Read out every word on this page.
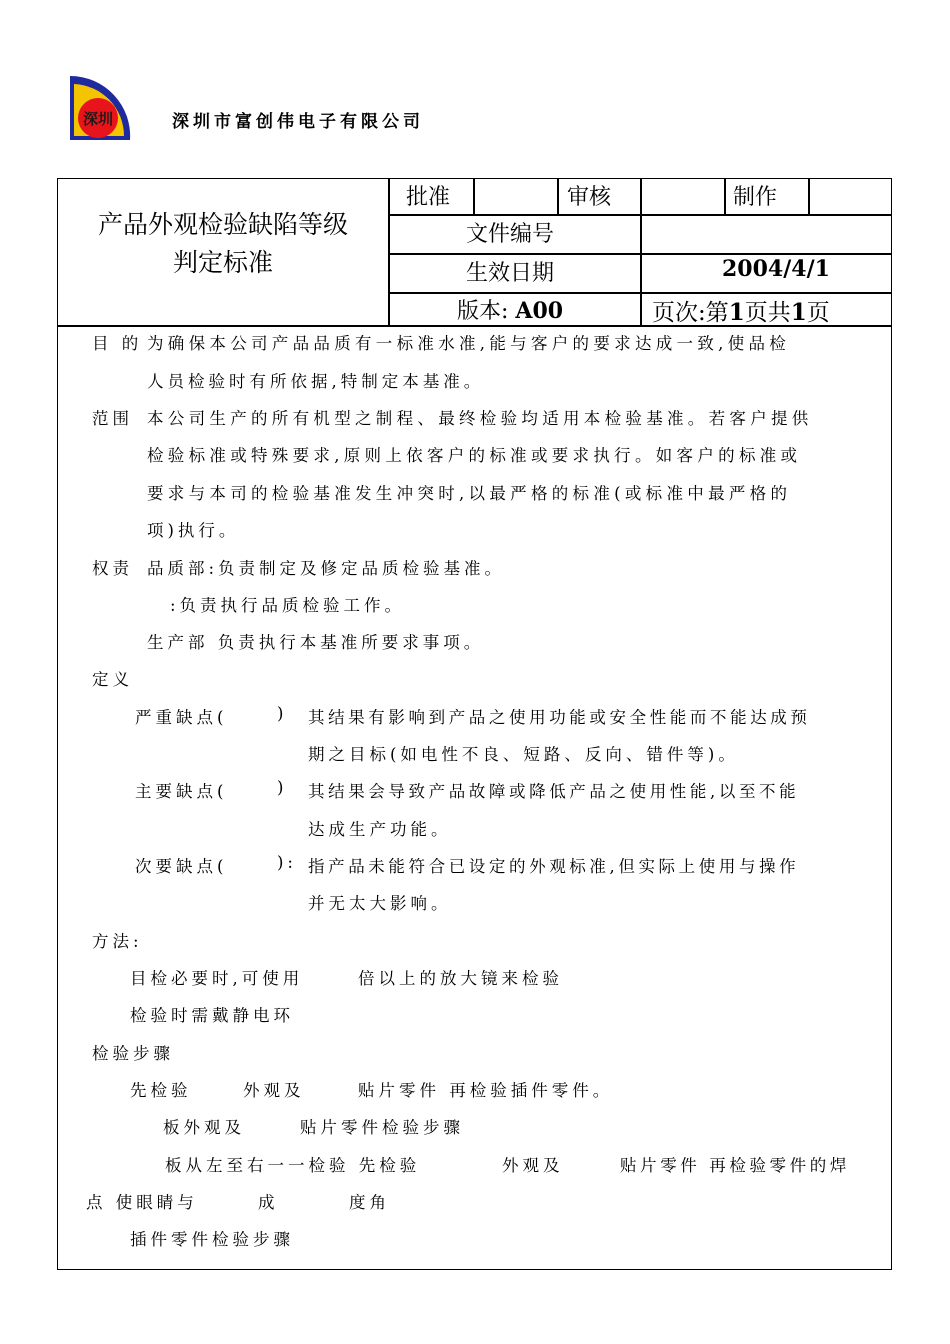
深圳	深圳市富创伟电子有限公司
产品外观检验缺陷等级
判定标准
批准	审核	制作
文件编号
生效日期	2004/4/1
版本: A00	页次:第1页共1页
目 的 为确保本公司产品品质有一标准水准,能与客户的要求达成一致,使品检
人员检验时有所依据,特制定本基准。
范围 本公司生产的所有机型之制程、最终检验均适用本检验基准。若客户提供
检验标准或特殊要求,原则上依客户的标准或要求执行。如客户的标准或
要求与本司的检验基准发生冲突时,以最严格的标准(或标准中最严格的
项)执行。
权责 品质部:负责制定及修定品质检验基准。
:负责执行品质检验工作。
生产部 负责执行本基准所要求事项。
定义
严重缺点(	) 其结果有影响到产品之使用功能或安全性能而不能达成预
期之目标(如电性不良、短路、反向、错件等)。
主要缺点(	) 其结果会导致产品故障或降低产品之使用性能,以至不能
达成生产功能。
次要缺点(	): 指产品未能符合已设定的外观标准,但实际上使用与操作
并无太大影响。
方法:
目检必要时,可使用	倍以上的放大镜来检验
检验时需戴静电环
检验步骤
先检验	外观及	贴片零件 再检验插件零件。
板外观及	贴片零件检验步骤
板从左至右一一检验 先检验	外观及	贴片零件 再检验零件的焊
点 使眼睛与	成	度角
插件零件检验步骤
